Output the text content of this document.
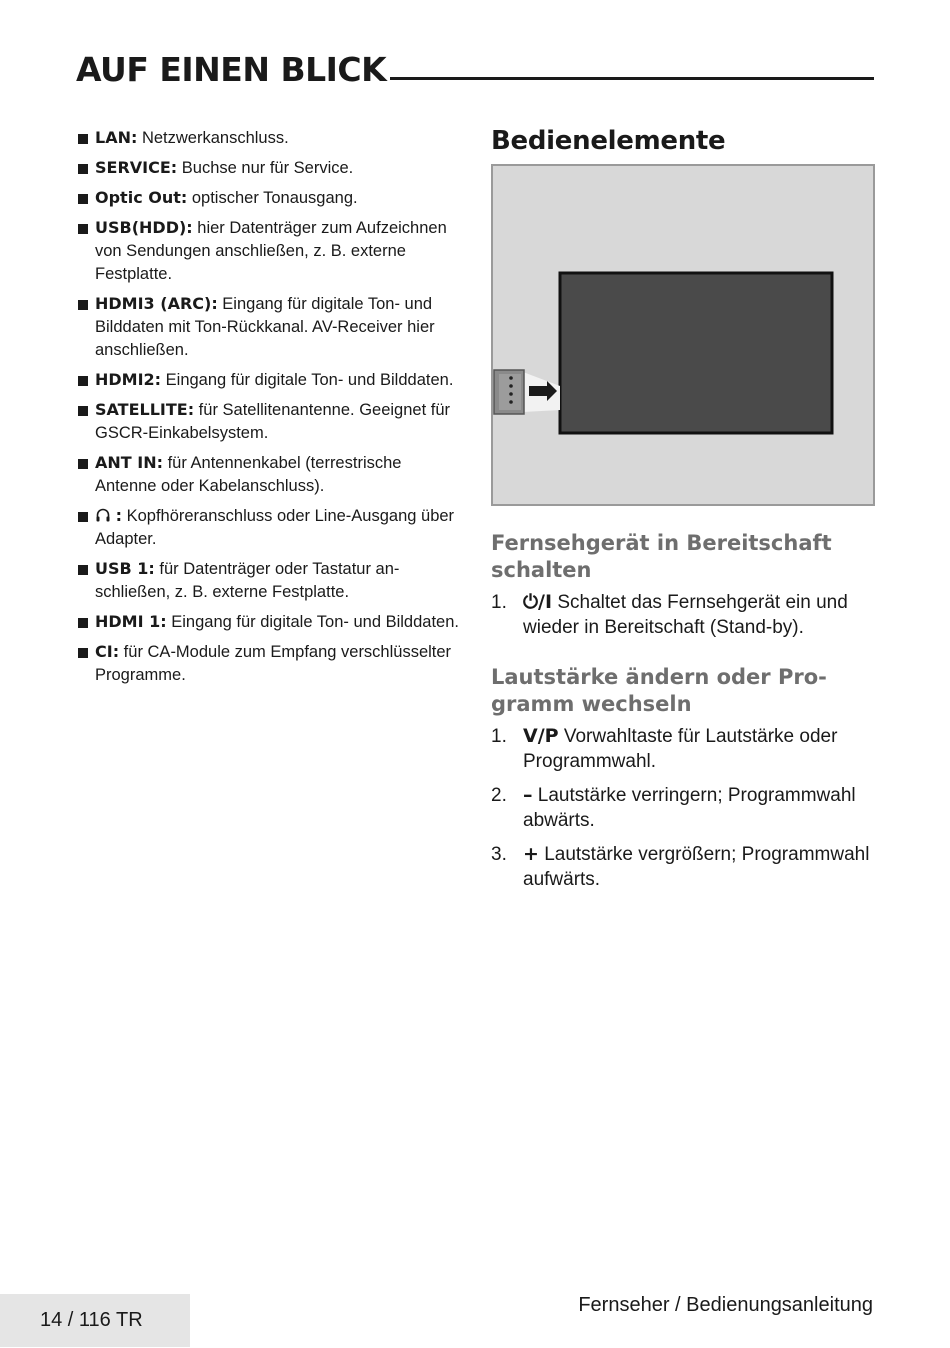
AUF EINEN BLICK
LAN: Netzwerkanschluss.
SERVICE: Buchse nur für Service.
Optic Out: optischer Tonausgang.
USB(HDD): hier Datenträger zum Aufzeichnen von Sendungen anschließen, z. B. externe Festplatte.
HDMI3 (ARC): Eingang für digitale Ton- und Bilddaten mit Ton-Rückkanal. AV-Receiver hier anschließen.
HDMI2: Eingang für digitale Ton- und Bilddaten.
SATELLITE: für Satellitenantenne. Geeignet für GSCR-Einkabelsystem.
ANT IN: für Antennenkabel (terrestrische Antenne oder Kabelanschluss).
: Kopfhöreranschluss oder Line-Ausgang über Adapter.
USB 1: für Datenträger oder Tastatur anschließen, z. B. externe Festplatte.
HDMI 1: Eingang für digitale Ton- und Bilddaten.
CI: für CA-Module zum Empfang verschlüsselter Programme.
Bedienelemente
Fernsehgerät in Bereitschaft schalten
1. ⏻/I Schaltet das Fernsehgerät ein und wieder in Bereitschaft (Stand-by).
Lautstärke ändern oder Programm wechseln
1. V/P Vorwahltaste für Lautstärke oder Programmwahl.
2. – Lautstärke verringern; Programmwahl abwärts.
3. + Lautstärke vergrößern; Programmwahl aufwärts.
14 / 116 TR
Fernseher / Bedienungsanleitung
